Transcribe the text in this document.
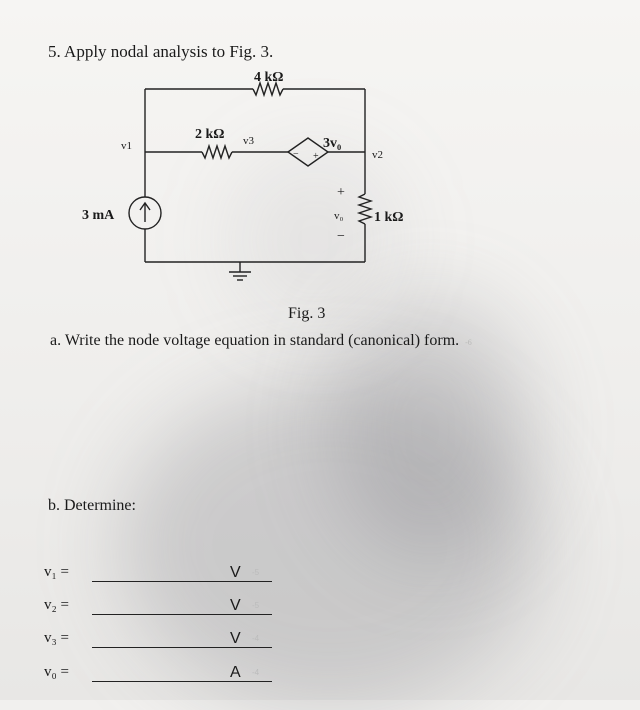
5. Apply nodal analysis to Fig. 3.
4 kΩ
2 kΩ
1 kΩ
3 mA
3v₀
v1
v2
v3
v₀
+
−
− +
Fig. 3
a. Write the node voltage equation in standard (canonical) form. -6
b. Determine:
v₁ =	V -5
v₂ =	V -5
v₃ =	V -4
v₀ =	A -4
